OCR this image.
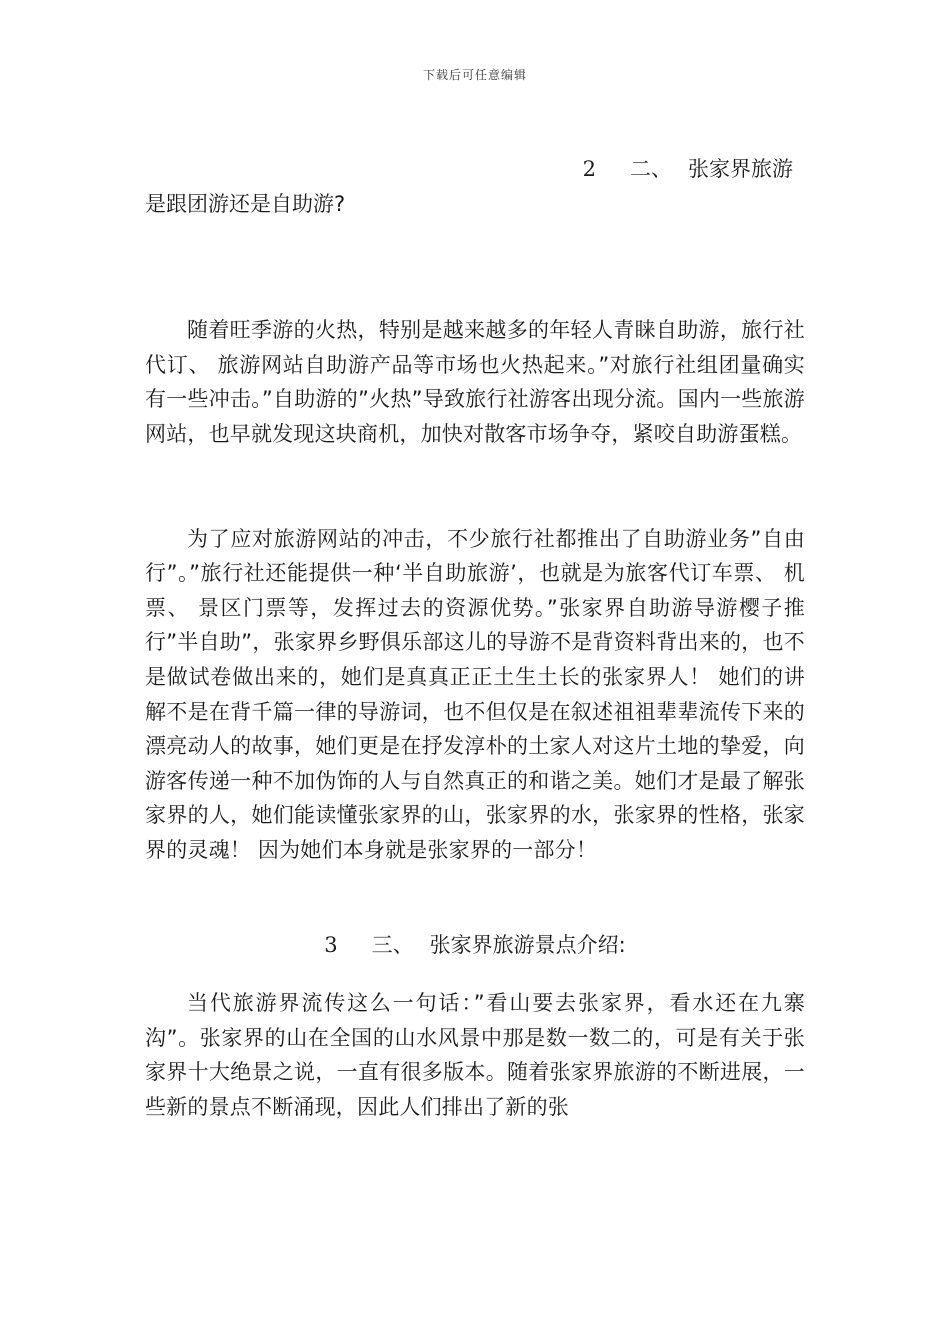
下载后可任意编辑
2 二、 张家界旅游
是跟团游还是自助游?

随着旺季游的火热，特别是越来越多的年轻人青睐自助游，旅行社代订、 旅游网站自助游产品等市场也火热起来。”对旅行社组团量确实有一些冲击。”自助游的”火热”导致旅行社游客出现分流。国内一些旅游网站，也早就发现这块商机，加快对散客市场争夺，紧咬自助游蛋糕。

为了应对旅游网站的冲击，不少旅行社都推出了自助游业务”自由行”。”旅行社还能提供一种‘半自助旅游’，也就是为旅客代订车票、 机票、 景区门票等，发挥过去的资源优势。”张家界自助游导游樱子推行”半自助”，张家界乡野俱乐部这儿的导游不是背资料背出来的，也不是做试卷做出来的，她们是真真正正土生土长的张家界人！ 她们的讲解不是在背千篇一律的导游词，也不但仅是在叙述祖祖辈辈流传下来的漂亮动人的故事，她们更是在抒发淳朴的土家人对这片土地的挚爱，向游客传递一种不加伪饰的人与自然真正的和谐之美。她们才是最了解张家界的人，她们能读懂张家界的山，张家界的水，张家界的性格，张家界的灵魂！ 因为她们本身就是张家界的一部分！

3 三、 张家界旅游景点介绍:

当代旅游界流传这么一句话：”看山要去张家界，看水还在九寨沟”。张家界的山在全国的山水风景中那是数一数二的，可是有关于张家界十大绝景之说，一直有很多版本。随着张家界旅游的不断进展，一些新的景点不断涌现，因此人们排出了新的张
